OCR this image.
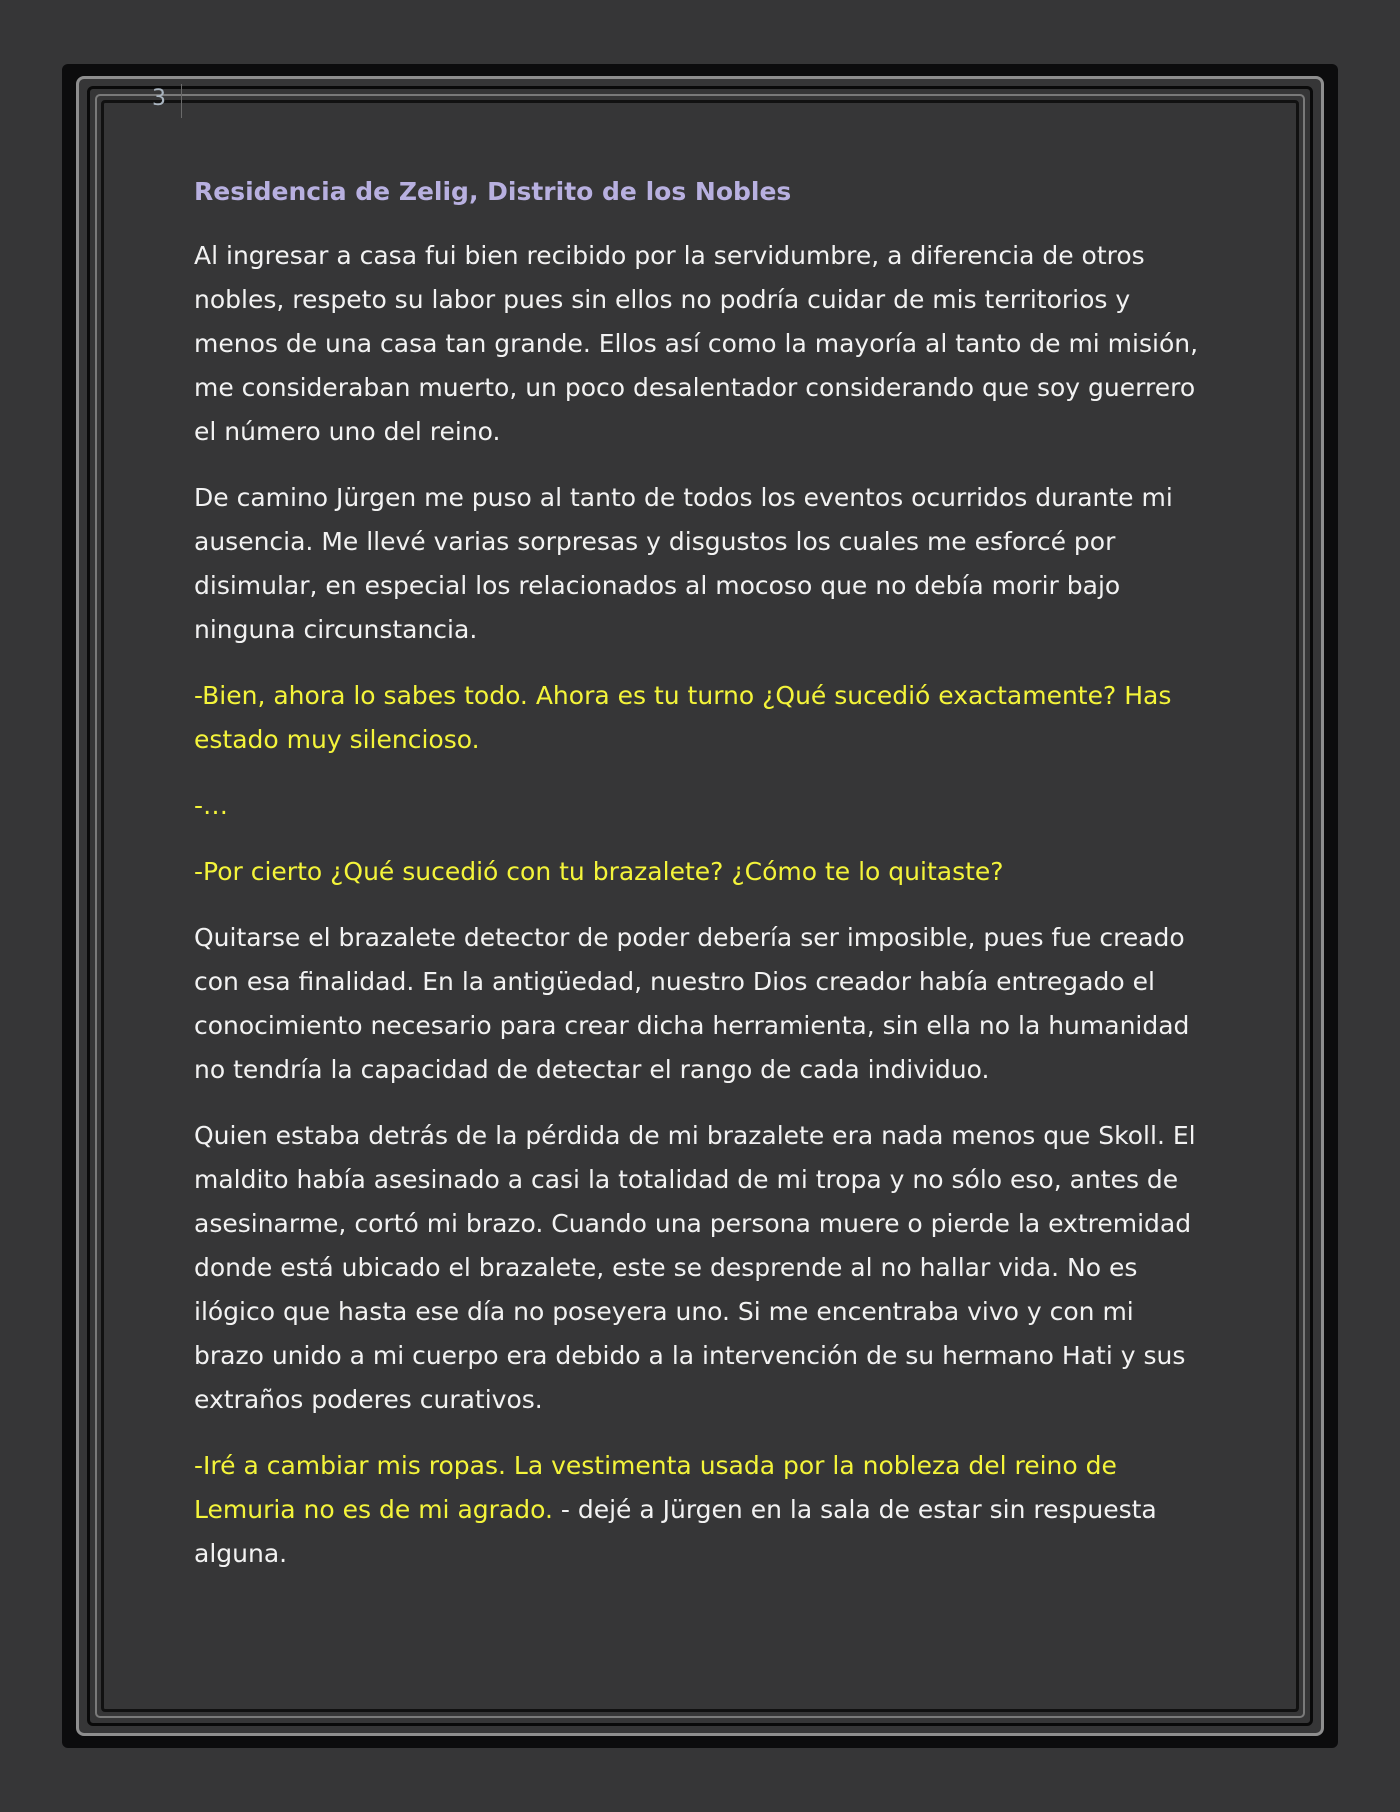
3
Residencia de Zelig, Distrito de los Nobles

Al ingresar a casa fui bien recibido por la servidumbre, a diferencia de otros nobles, respeto su labor pues sin ellos no podría cuidar de mis territorios y menos de una casa tan grande. Ellos así como la mayoría al tanto de mi misión, me consideraban muerto, un poco desalentador considerando que soy guerrero el número uno del reino.

De camino Jürgen me puso al tanto de todos los eventos ocurridos durante mi ausencia. Me llevé varias sorpresas y disgustos los cuales me esforcé por disimular, en especial los relacionados al mocoso que no debía morir bajo ninguna circunstancia.

-Bien, ahora lo sabes todo. Ahora es tu turno ¿Qué sucedió exactamente? Has estado muy silencioso.

-…

-Por cierto ¿Qué sucedió con tu brazalete? ¿Cómo te lo quitaste?

Quitarse el brazalete detector de poder debería ser imposible, pues fue creado con esa finalidad. En la antigüedad, nuestro Dios creador había entregado el conocimiento necesario para crear dicha herramienta, sin ella no la humanidad no tendría la capacidad de detectar el rango de cada individuo.

Quien estaba detrás de la pérdida de mi brazalete era nada menos que Skoll. El maldito había asesinado a casi la totalidad de mi tropa y no sólo eso, antes de asesinarme, cortó mi brazo. Cuando una persona muere o pierde la extremidad donde está ubicado el brazalete, este se desprende al no hallar vida. No es ilógico que hasta ese día no poseyera uno. Si me encentraba vivo y con mi brazo unido a mi cuerpo era debido a la intervención de su hermano Hati y sus extraños poderes curativos.

-Iré a cambiar mis ropas. La vestimenta usada por la nobleza del reino de Lemuria no es de mi agrado. - dejé a Jürgen en la sala de estar sin respuesta alguna.
